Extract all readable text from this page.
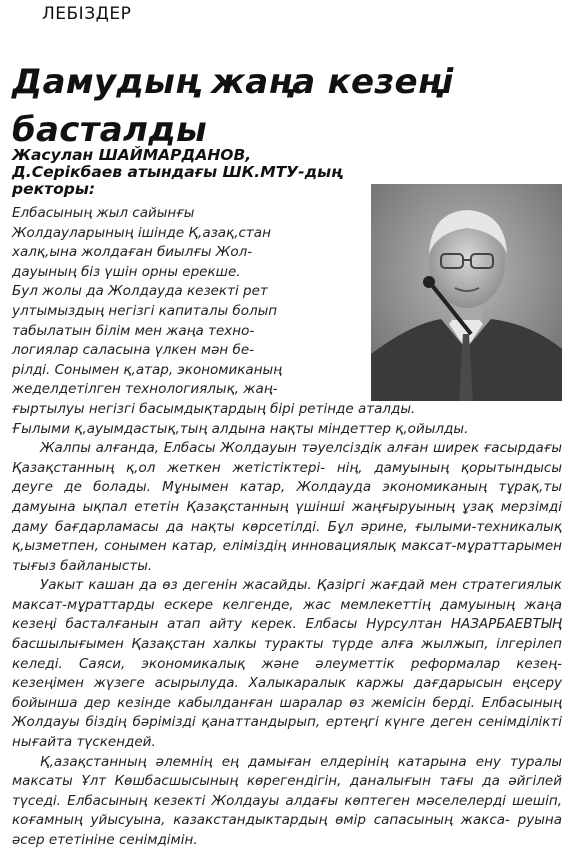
ЛЕБІЗДЕР
Дамудың жаңа кезеңі басталды
Жасулан ШАЙМАРДАНОВ,
Д.Серікбаев атындағы ШК.МТУ-дың ректоры:
Елбасының жыл сайынғы
Жолдауларының ішінде Қ,азақ,стан
халқ,ына жолдаған биылғы Жол-
дауының біз үшін орны ерекше.
Бул жолы да Жолдауда кезекті рет
ултымыздың негізгі капиталы болып
табылатын білім мен жаңа техно-
логиялар саласына үлкен мән бе-
рілді. Сонымен қ,атар, экономиканың
жеделдетілген технологиялық, жаң-
ғыртылуы негізгі басымдықтардың бірі ретінде аталды.
Ғылыми қ,ауымдастық,тың алдына нақты міндеттер қ,ойылды.

Жалпы алғанда, Елбасы Жолдауын тәуелсіздік алған ширек ғасырдағы Қазақстанның қ,ол жеткен жетістіктері- нің, дамуының қорытындысы деуге де болады. Мұнымен катар, Жолдауда экономиканың тұрақ,ты дамуына ықпал ететін Қазақстанның үшінші жаңғыруының ұзақ мерзімді даму бағдарламасы да нақты көрсетілді. Бұл әрине, ғылыми-техникалық қ,ызметпен, сонымен катар, еліміздің инновациялық максат-мұраттарымен тығыз байланысты.

Уакыт кашан да өз дегенін жасайды. Қазіргі жағдай мен стратегиялык максат-мұраттарды ескере келгенде, жас мемлекеттің дамуының жаңа кезеңі басталғанын атап айту керек. Елбасы Нурсултан НАЗАРБАЕВТЫҢ басшылығымен Қазақстан халкы туракты түрде алға жылжып, ілгерілеп келеді. Саяси, экономикалық және әлеуметтік реформалар кезең-кезеңімен жүзеге асырылуда. Халыкаралык каржы дағдарысын еңсеру бойынша дер кезінде кабылданған шаралар өз жемісін берді. Елбасының Жолдауы біздің бәрімізді қанаттандырып, ертеңгі күнге деген сенімділікті нығайта түскендей.

Қ,азақстанның әлемнің ең дамыған елдерінің катарына ену туралы максаты Ұлт Көшбасшысының көрегендігін, даналығын тағы да әйгілей түседі. Елбасының кезекті Жолдауы алдағы көптеген мәселелерді шешіп, коғамның уйысуына, казакстандыктардың өмір сапасының жакса- руына әсер ететініне сенімдімін.
